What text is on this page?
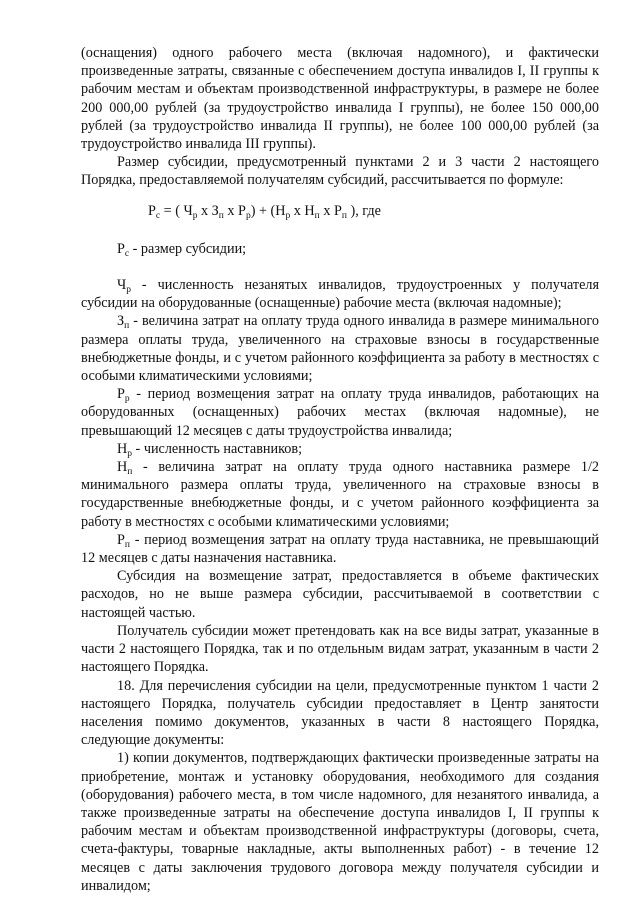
(оснащения) одного рабочего места (включая надомного), и фактически произведенные затраты, связанные с обеспечением доступа инвалидов I, II группы к рабочим местам и объектам производственной инфраструктуры, в размере не более 200 000,00 рублей (за трудоустройство инвалида I группы), не более 150 000,00 рублей (за трудоустройство инвалида II группы), не более 100 000,00 рублей (за трудоустройство инвалида III группы).

Размер субсидии, предусмотренный пунктами 2 и 3 части 2 настоящего Порядка, предоставляемой получателям субсидий, рассчитывается по формуле:

$Р_с$ = ( $Ч_р$ х $З_п$ х $Р_р) + (Н_р$ х $Н_п$ х $Р_п$ ), где

$Р_с$ - размер субсидии;

$Ч_р$ - численность незанятых инвалидов, трудоустроенных у получателя субсидии на оборудованные (оснащенные) рабочие места (включая надомные);

$З_п$ - величина затрат на оплату труда одного инвалида в размере минимального размера оплаты труда, увеличенного на страховые взносы в государственные внебюджетные фонды, и с учетом районного коэффициента за работу в местностях с особыми климатическими условиями;

$Р_р$ - период возмещения затрат на оплату труда инвалидов, работающих на оборудованных (оснащенных) рабочих местах (включая надомные), не превышающий 12 месяцев с даты трудоустройства инвалида;

$Н_р$ - численность наставников;

$Н_п$ - величина затрат на оплату труда одного наставника размере 1/2 минимального размера оплаты труда, увеличенного на страховые взносы в государственные внебюджетные фонды, и с учетом районного коэффициента за работу в местностях с особыми климатическими условиями;

$Р_п$ - период возмещения затрат на оплату труда наставника, не превышающий 12 месяцев с даты назначения наставника.

Субсидия на возмещение затрат, предоставляется в объеме фактических расходов, но не выше размера субсидии, рассчитываемой в соответствии с настоящей частью.

Получатель субсидии может претендовать как на все виды затрат, указанные в части 2 настоящего Порядка, так и по отдельным видам затрат, указанным в части 2 настоящего Порядка.

18. Для перечисления субсидии на цели, предусмотренные пунктом 1 части 2 настоящего Порядка, получатель субсидии предоставляет в Центр занятости населения помимо документов, указанных в части 8 настоящего Порядка, следующие документы:

1) копии документов, подтверждающих фактически произведенные затраты на приобретение, монтаж и установку оборудования, необходимого для создания (оборудования) рабочего места, в том числе надомного, для незанятого инвалида, а также произведенные затраты на обеспечение доступа инвалидов I, II группы к рабочим местам и объектам производственной инфраструктуры (договоры, счета, счета-фактуры, товарные накладные, акты выполненных работ) - в течение 12 месяцев с даты заключения трудового договора между получателя субсидии и инвалидом;
